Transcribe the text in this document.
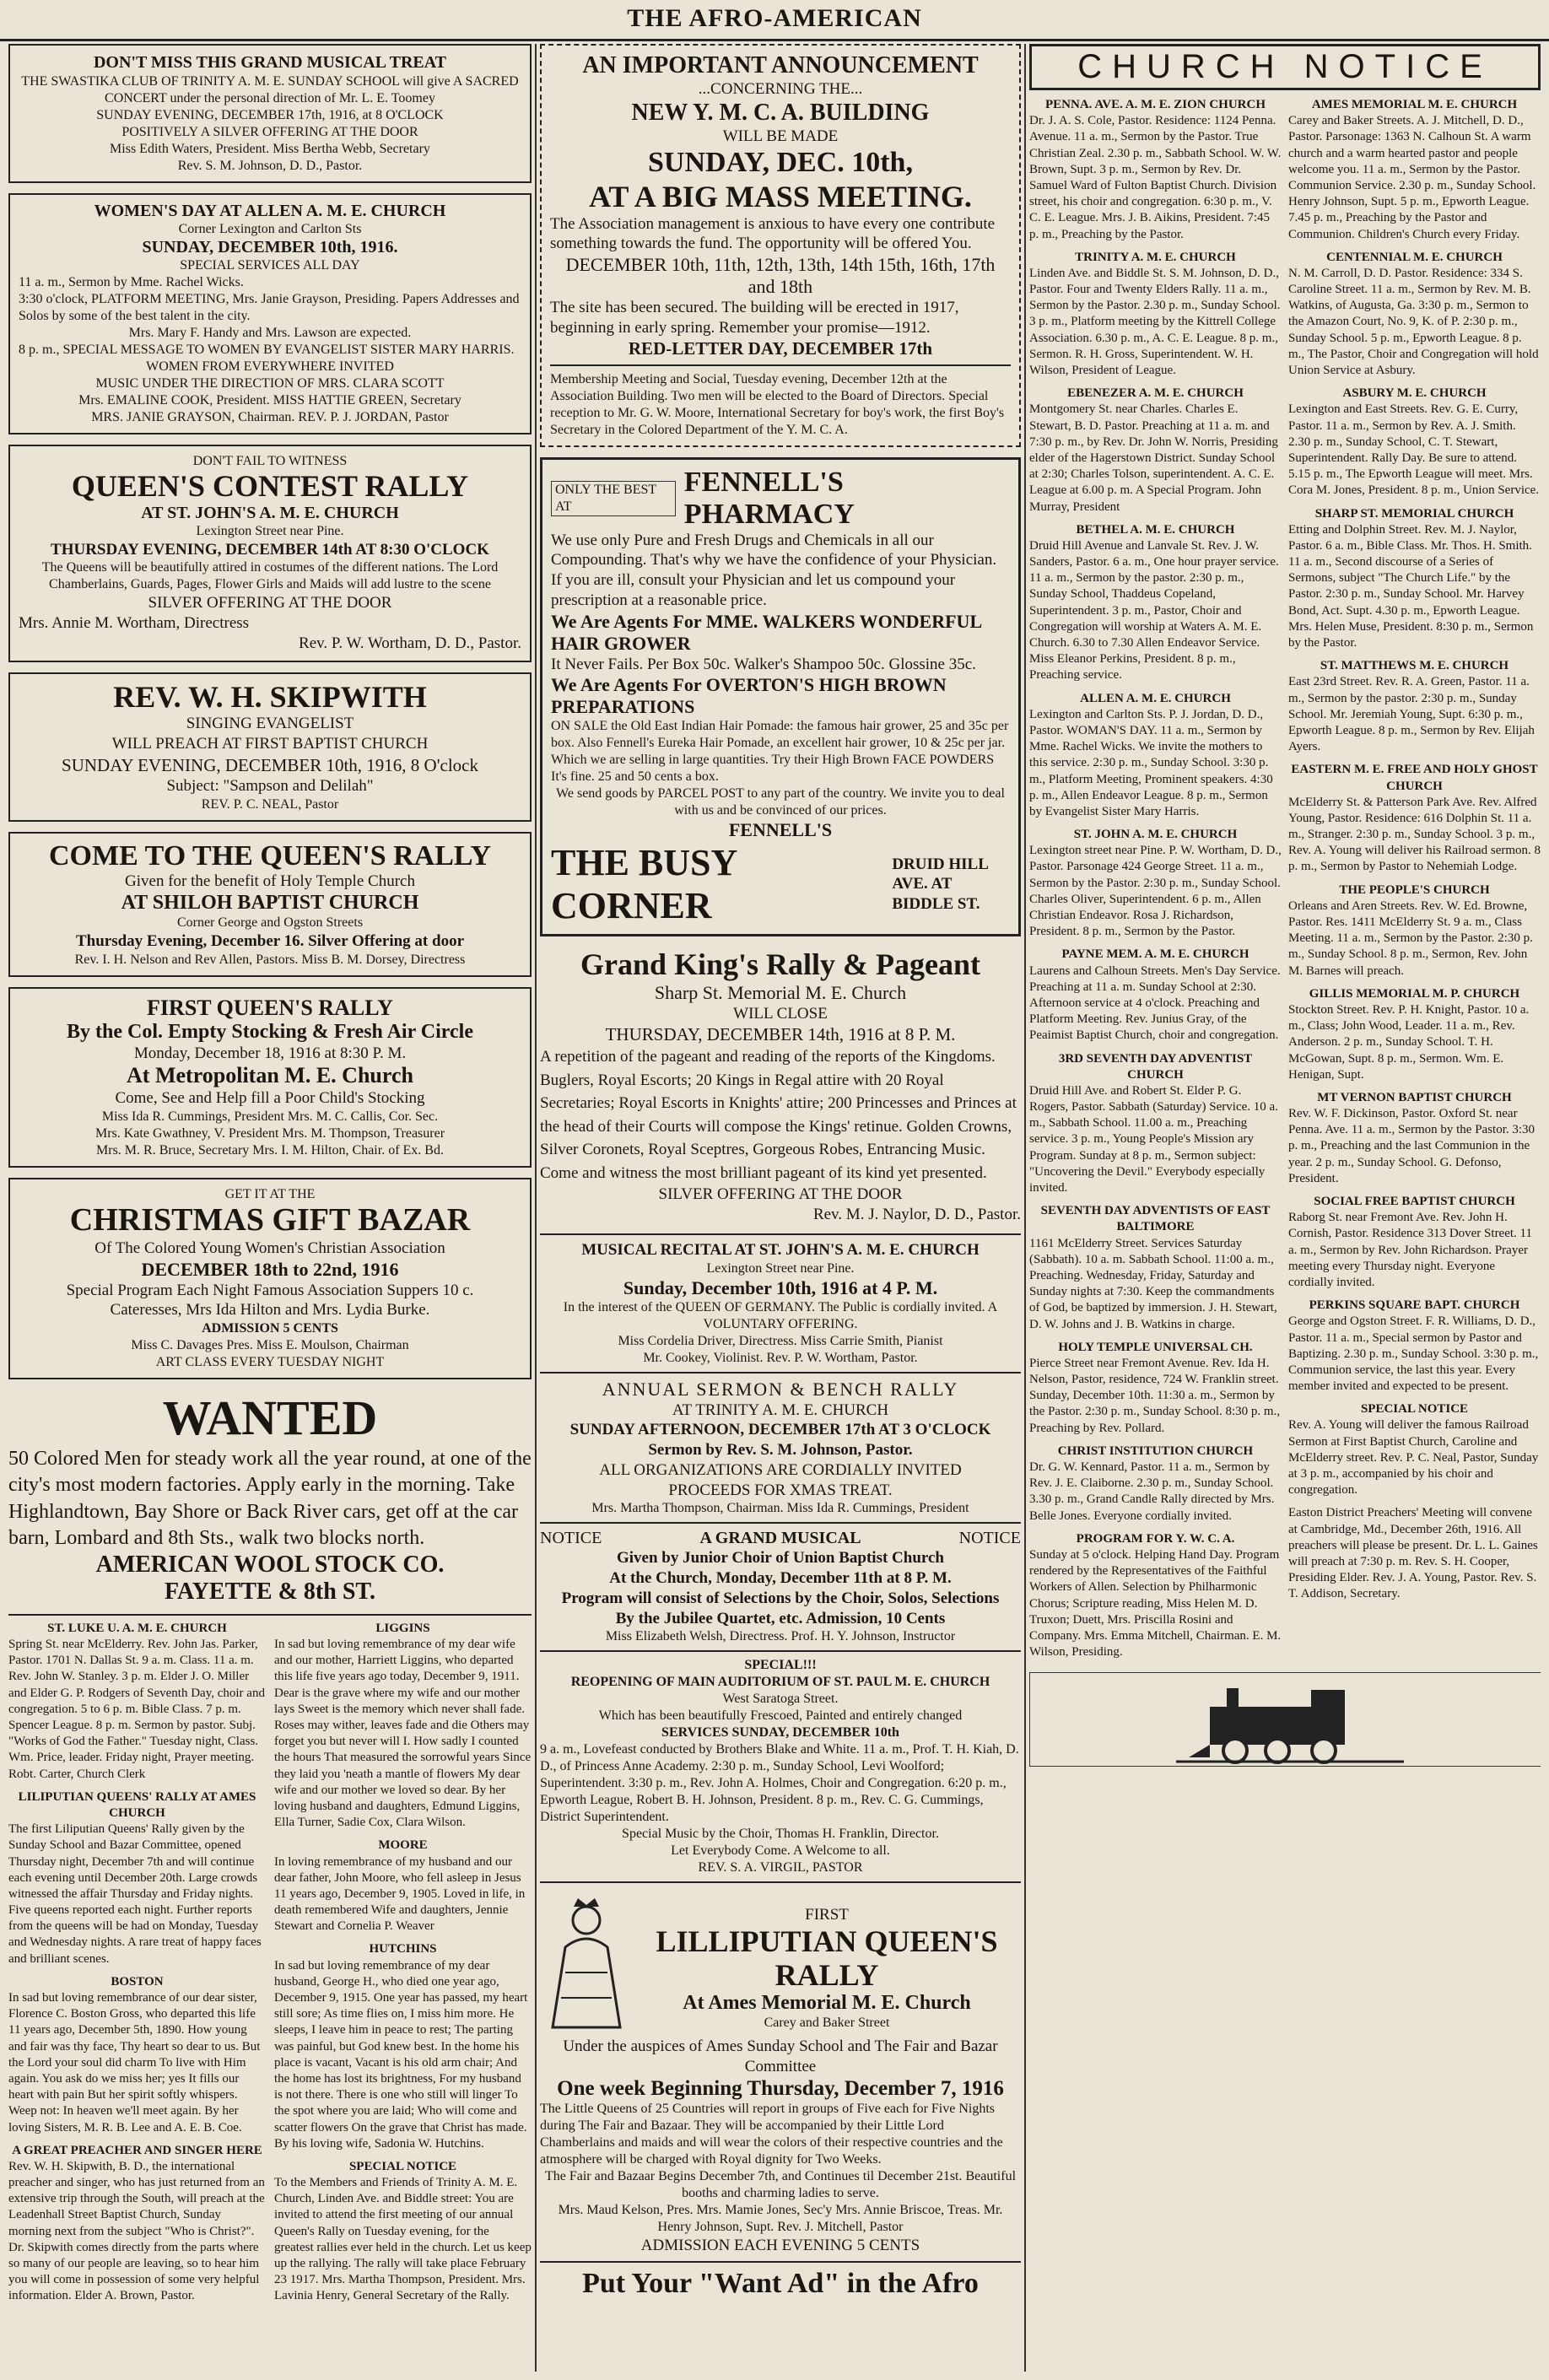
THE AFRO-AMERICAN
DON'T MISS THIS GRAND MUSICAL TREAT
THE SWASTIKA CLUB OF TRINITY A. M. E. SUNDAY SCHOOL will give A SACRED CONCERT under the personal direction of Mr. L. E. Toomey
SUNDAY EVENING, DECEMBER 17th, 1916, at 8 O'CLOCK
POSITIVELY A SILVER OFFERING AT THE DOOR
Miss Edith Waters, President. Miss Bertha Webb, Secretary
Rev. S. M. Johnson, D. D., Pastor.
WOMEN'S DAY AT ALLEN A. M. E. CHURCH
Corner Lexington and Carlton Sts
SUNDAY, DECEMBER 10th, 1916.
SPECIAL SERVICES ALL DAY
11 a. m., Sermon by Mme. Rachel Wicks.
3:30 o'clock, PLATFORM MEETING, Mrs. Janie Grayson, Presiding. Papers Addresses and Solos by some of the best talent in the city.
Mrs. Mary F. Handy and Mrs. Lawson are expected.
8 p. m., SPECIAL MESSAGE TO WOMEN BY EVANGELIST SISTER MARY HARRIS.
WOMEN FROM EVERYWHERE INVITED
MUSIC UNDER THE DIRECTION OF MRS. CLARA SCOTT
Mrs. EMALINE COOK, President. MISS HATTIE GREEN, Secretary
MRS. JANIE GRAYSON, Chairman. REV. P. J. JORDAN, Pastor
DON'T FAIL TO WITNESS
QUEEN'S CONTEST RALLY
AT ST. JOHN'S A. M. E. CHURCH
Lexington Street near Pine.
THURSDAY EVENING, DECEMBER 14th AT 8:30 O'CLOCK
The Queens will be beautifully attired in costumes of the different nations. The Lord Chamberlains, Guards, Pages, Flower Girls and Maids will add lustre to the scene
SILVER OFFERING AT THE DOOR
Mrs. Annie M. Wortham, Directress
Rev. P. W. Wortham, D. D., Pastor.
REV. W. H. SKIPWITH
SINGING EVANGELIST
WILL PREACH AT FIRST BAPTIST CHURCH
SUNDAY EVENING, DECEMBER 10th, 1916, 8 O'clock
Subject: "Sampson and Delilah"
REV. P. C. NEAL, Pastor
COME TO THE QUEEN'S RALLY
Given for the benefit of Holy Temple Church
AT SHILOH BAPTIST CHURCH
Corner George and Ogston Streets
Thursday Evening, December 16. Silver Offering at door
Rev. I. H. Nelson and Rev Allen, Pastors. Miss B. M. Dorsey, Directress
FIRST QUEEN'S RALLY
By the Col. Empty Stocking & Fresh Air Circle
Monday, December 18, 1916 at 8:30 P. M.
At Metropolitan M. E. Church
Come, See and Help fill a Poor Child's Stocking
Miss Ida R. Cummings, President Mrs. M. C. Callis, Cor. Sec.
Mrs. Kate Gwathney, V. President Mrs. M. Thompson, Treasurer
Mrs. M. R. Bruce, Secretary Mrs. I. M. Hilton, Chair. of Ex. Bd.
GET IT AT THE
CHRISTMAS GIFT BAZAR
Of The Colored Young Women's Christian Association
DECEMBER 18th to 22nd, 1916
Special Program Each Night Famous Association Suppers 10 c.
Cateresses, Mrs Ida Hilton and Mrs. Lydia Burke.
ADMISSION 5 CENTS
Miss C. Davages Pres. Miss E. Moulson, Chairman
ART CLASS EVERY TUESDAY NIGHT
WANTED
50 Colored Men for steady work all the year round, at one of the city's most modern factories. Apply early in the morning. Take Highlandtown, Bay Shore or Back River cars, get off at the car barn, Lombard and 8th Sts., walk two blocks north.
AMERICAN WOOL STOCK CO.
FAYETTE & 8th ST.
ST. LUKE U. A. M. E. CHURCH
Spring St. near McElderry. Rev. John Jas. Parker, Pastor. 1701 N. Dallas St. 9 a. m. Class. 11 a. m. Rev. John W. Stanley. 3 p. m. Elder J. O. Miller and Elder G. P. Rodgers of Seventh Day, choir and congregation. 5 to 6 p. m. Bible Class. 7 p. m. Spencer League. 8 p. m. Sermon by pastor. Subj. "Works of God the Father." Tuesday night, Class. Wm. Price, leader. Friday night, Prayer meeting. Robt. Carter, Church Clerk
LILIPUTIAN QUEENS' RALLY AT AMES CHURCH
The first Liliputian Queens' Rally given by the Sunday School and Bazar Committee, opened Thursday night, December 7th and will continue each evening until December 20th. Large crowds witnessed the affair Thursday and Friday nights. Five queens reported each night. Further reports from the queens will be had on Monday, Tuesday and Wednesday nights. A rare treat of happy faces and brilliant scenes.
BOSTON
In sad but loving remembrance of our dear sister, Florence C. Boston Gross, who departed this life 11 years ago, December 5th, 1890. How young and fair was thy face, Thy heart so dear to us. But the Lord your soul did charm To live with Him again. You ask do we miss her; yes It fills our heart with pain But her spirit softly whispers. Weep not: In heaven we'll meet again. By her loving Sisters, M. R. B. Lee and A. E. B. Coe.
A GREAT PREACHER AND SINGER HERE
Rev. W. H. Skipwith, B. D., the international preacher and singer, who has just returned from an extensive trip through the South, will preach at the Leadenhall Street Baptist Church, Sunday morning next from the subject "Who is Christ?". Dr. Skipwith comes directly from the parts where so many of our people are leaving, so to hear him you will come in possession of some very helpful information. Elder A. Brown, Pastor.
LIGGINS
In sad but loving remembrance of my dear wife and our mother, Harriett Liggins, who departed this life five years ago today, December 9, 1911. Dear is the grave where my wife and our mother lays Sweet is the memory which never shall fade. Roses may wither, leaves fade and die Others may forget you but never will I. How sadly I counted the hours That measured the sorrowful years Since they laid you 'neath a mantle of flowers My dear wife and our mother we loved so dear. By her loving husband and daughters, Edmund Liggins, Ella Turner, Sadie Cox, Clara Wilson.
MOORE
In loving remembrance of my husband and our dear father, John Moore, who fell asleep in Jesus 11 years ago, December 9, 1905. Loved in life, in death remembered Wife and daughters, Jennie Stewart and Cornelia P. Weaver
HUTCHINS
In sad but loving remembrance of my dear husband, George H., who died one year ago, December 9, 1915. One year has passed, my heart still sore; As time flies on, I miss him more. He sleeps, I leave him in peace to rest; The parting was painful, but God knew best. In the home his place is vacant, Vacant is his old arm chair; And the home has lost its brightness, For my husband is not there. There is one who still will linger To the spot where you are laid; Who will come and scatter flowers On the grave that Christ has made. By his loving wife, Sadonia W. Hutchins.
SPECIAL NOTICE
To the Members and Friends of Trinity A. M. E. Church, Linden Ave. and Biddle street: You are invited to attend the first meeting of our annual Queen's Rally on Tuesday evening, for the greatest rallies ever held in the church. Let us keep up the rallying. The rally will take place February 23 1917. Mrs. Martha Thompson, President. Mrs. Lavinia Henry, General Secretary of the Rally.
AN IMPORTANT ANNOUNCEMENT
...CONCERNING THE...
NEW Y. M. C. A. BUILDING
WILL BE MADE
SUNDAY, DEC. 10th,
AT A BIG MASS MEETING.
The Association management is anxious to have every one contribute something towards the fund. The opportunity will be offered You.
DECEMBER 10th, 11th, 12th, 13th, 14th 15th, 16th, 17th and 18th
The site has been secured. The building will be erected in 1917, beginning in early spring. Remember your promise—1912.
RED-LETTER DAY, DECEMBER 17th
Membership Meeting and Social, Tuesday evening, December 12th at the Association Building. Two men will be elected to the Board of Directors. Special reception to Mr. G. W. Moore, International Secretary for boy's work, the first Boy's Secretary in the Colored Department of the Y. M. C. A.
ONLY THE BEST AT
FENNELL'S PHARMACY
We use only Pure and Fresh Drugs and Chemicals in all our Compounding. That's why we have the confidence of your Physician. If you are ill, consult your Physician and let us compound your prescription at a reasonable price.
We Are Agents For MME. WALKERS WONDERFUL HAIR GROWER
It Never Fails. Per Box 50c. Walker's Shampoo 50c. Glossine 35c.
We Are Agents For OVERTON'S HIGH BROWN PREPARATIONS
ON SALE the Old East Indian Hair Pomade: the famous hair grower, 25 and 35c per box. Also Fennell's Eureka Hair Pomade, an excellent hair grower, 10 & 25c per jar. Which we are selling in large quantities. Try their High Brown FACE POWDERS It's fine. 25 and 50 cents a box.
We send goods by PARCEL POST to any part of the country. We invite you to deal with us and be convinced of our prices.
FENNELL'S
THE BUSY CORNER
DRUID HILL AVE. AT BIDDLE ST.
Grand King's Rally & Pageant
Sharp St. Memorial M. E. Church
WILL CLOSE
THURSDAY, DECEMBER 14th, 1916 at 8 P. M.
A repetition of the pageant and reading of the reports of the Kingdoms. Buglers, Royal Escorts; 20 Kings in Regal attire with 20 Royal Secretaries; Royal Escorts in Knights' attire; 200 Princesses and Princes at the head of their Courts will compose the Kings' retinue. Golden Crowns, Silver Coronets, Royal Sceptres, Gorgeous Robes, Entrancing Music. Come and witness the most brilliant pageant of its kind yet presented.
SILVER OFFERING AT THE DOOR
Rev. M. J. Naylor, D. D., Pastor.
MUSICAL RECITAL AT ST. JOHN'S A. M. E. CHURCH
Lexington Street near Pine.
Sunday, December 10th, 1916 at 4 P. M.
In the interest of the QUEEN OF GERMANY. The Public is cordially invited. A VOLUNTARY OFFERING.
Miss Cordelia Driver, Directress. Miss Carrie Smith, Pianist
Mr. Cookey, Violinist. Rev. P. W. Wortham, Pastor.
ANNUAL SERMON & BENCH RALLY
AT TRINITY A. M. E. CHURCH
SUNDAY AFTERNOON, DECEMBER 17th AT 3 O'CLOCK
Sermon by Rev. S. M. Johnson, Pastor.
ALL ORGANIZATIONS ARE CORDIALLY INVITED
PROCEEDS FOR XMAS TREAT.
Mrs. Martha Thompson, Chairman. Miss Ida R. Cummings, President
NOTICE	A GRAND MUSICAL	NOTICE
Given by Junior Choir of Union Baptist Church
At the Church, Monday, December 11th at 8 P. M.
Program will consist of Selections by the Choir, Solos, Selections
By the Jubilee Quartet, etc. Admission, 10 Cents
Miss Elizabeth Welsh, Directress. Prof. H. Y. Johnson, Instructor
SPECIAL!!!
REOPENING OF MAIN AUDITORIUM OF ST. PAUL M. E. CHURCH
West Saratoga Street.
Which has been beautifully Frescoed, Painted and entirely changed
SERVICES SUNDAY, DECEMBER 10th
9 a. m., Lovefeast conducted by Brothers Blake and White. 11 a. m., Prof. T. H. Kiah, D. D., of Princess Anne Academy. 2:30 p. m., Sunday School, Levi Woolford; Superintendent. 3:30 p. m., Rev. John A. Holmes, Choir and Congregation. 6:20 p. m., Epworth League, Robert B. H. Johnson, President. 8 p. m., Rev. C. G. Cummings, District Superintendent.
Special Music by the Choir, Thomas H. Franklin, Director.
Let Everybody Come. A Welcome to all.
REV. S. A. VIRGIL, PASTOR
FIRST
LILLIPUTIAN QUEEN'S RALLY
At Ames Memorial M. E. Church
Carey and Baker Street
Under the auspices of Ames Sunday School and The Fair and Bazar Committee
One week Beginning Thursday, December 7, 1916
The Little Queens of 25 Countries will report in groups of Five each for Five Nights during The Fair and Bazaar. They will be accompanied by their Little Lord Chamberlains and maids and will wear the colors of their respective countries and the atmosphere will be charged with Royal dignity for Two Weeks.
The Fair and Bazaar Begins December 7th, and Continues til December 21st. Beautiful booths and charming ladies to serve.
Mrs. Maud Kelson, Pres. Mrs. Mamie Jones, Sec'y Mrs. Annie Briscoe, Treas. Mr. Henry Johnson, Supt. Rev. J. Mitchell, Pastor
ADMISSION EACH EVENING 5 CENTS
Put Your "Want Ad" in the Afro
CHURCH NOTICE
PENNA. AVE. A. M. E. ZION CHURCH
Dr. J. A. S. Cole, Pastor. Residence: 1124 Penna. Avenue. 11 a. m., Sermon by the Pastor. True Christian Zeal. 2.30 p. m., Sabbath School. W. W. Brown, Supt. 3 p. m., Sermon by Rev. Dr. Samuel Ward of Fulton Baptist Church. Division street, his choir and congregation. 6:30 p. m., V. C. E. League. Mrs. J. B. Aikins, President. 7:45 p. m., Preaching by the Pastor.
TRINITY A. M. E. CHURCH
Linden Ave. and Biddle St. S. M. Johnson, D. D., Pastor. Four and Twenty Elders Rally. 11 a. m., Sermon by the Pastor. 2.30 p. m., Sunday School. 3 p. m., Platform meeting by the Kittrell College Association. 6.30 p. m., A. C. E. League. 8 p. m., Sermon. R. H. Gross, Superintendent. W. H. Wilson, President of League.
EBENEZER A. M. E. CHURCH
Montgomery St. near Charles. Charles E. Stewart, B. D. Pastor. Preaching at 11 a. m. and 7:30 p. m., by Rev. Dr. John W. Norris, Presiding elder of the Hagerstown District. Sunday School at 2:30; Charles Tolson, superintendent. A. C. E. League at 6.00 p. m. A Special Program. John Murray, President
BETHEL A. M. E. CHURCH
Druid Hill Avenue and Lanvale St. Rev. J. W. Sanders, Pastor. 6 a. m., One hour prayer service. 11 a. m., Sermon by the pastor. 2:30 p. m., Sunday School, Thaddeus Copeland, Superintendent. 3 p. m., Pastor, Choir and Congregation will worship at Waters A. M. E. Church. 6.30 to 7.30 Allen Endeavor Service. Miss Eleanor Perkins, President. 8 p. m., Preaching service.
ALLEN A. M. E. CHURCH
Lexington and Carlton Sts. P. J. Jordan, D. D., Pastor. WOMAN'S DAY. 11 a. m., Sermon by Mme. Rachel Wicks. We invite the mothers to this service. 2:30 p. m., Sunday School. 3:30 p. m., Platform Meeting, Prominent speakers. 4:30 p. m., Allen Endeavor League. 8 p. m., Sermon by Evangelist Sister Mary Harris.
ST. JOHN A. M. E. CHURCH
Lexington street near Pine. P. W. Wortham, D. D., Pastor. Parsonage 424 George Street. 11 a. m., Sermon by the Pastor. 2:30 p. m., Sunday School. Charles Oliver, Superintendent. 6 p. m., Allen Christian Endeavor. Rosa J. Richardson, President. 8 p. m., Sermon by the Pastor.
PAYNE MEM. A. M. E. CHURCH
Laurens and Calhoun Streets. Men's Day Service. Preaching at 11 a. m. Sunday School at 2:30. Afternoon service at 4 o'clock. Preaching and Platform Meeting. Rev. Junius Gray, of the Peaimist Baptist Church, choir and congregation.
3RD SEVENTH DAY ADVENTIST CHURCH
Druid Hill Ave. and Robert St. Elder P. G. Rogers, Pastor. Sabbath (Saturday) Service. 10 a. m., Sabbath School. 11.00 a. m., Preaching service. 3 p. m., Young People's Mission ary Program. Sunday at 8 p. m., Sermon subject: "Uncovering the Devil." Everybody especially invited.
SEVENTH DAY ADVENTISTS OF EAST BALTIMORE
1161 McElderry Street. Services Saturday (Sabbath). 10 a. m. Sabbath School. 11:00 a. m., Preaching. Wednesday, Friday, Saturday and Sunday nights at 7:30. Keep the commandments of God, be baptized by immersion. J. H. Stewart, D. W. Johns and J. B. Watkins in charge.
HOLY TEMPLE UNIVERSAL CH.
Pierce Street near Fremont Avenue. Rev. Ida H. Nelson, Pastor, residence, 724 W. Franklin street. Sunday, December 10th. 11:30 a. m., Sermon by the Pastor. 2:30 p. m., Sunday School. 8:30 p. m., Preaching by Rev. Pollard.
CHRIST INSTITUTION CHURCH
Dr. G. W. Kennard, Pastor. 11 a. m., Sermon by Rev. J. E. Claiborne. 2.30 p. m., Sunday School. 3.30 p. m., Grand Candle Rally directed by Mrs. Belle Jones. Everyone cordially invited.
PROGRAM FOR Y. W. C. A.
Sunday at 5 o'clock. Helping Hand Day. Program rendered by the Representatives of the Faithful Workers of Allen. Selection by Philharmonic Chorus; Scripture reading, Miss Helen M. D. Truxon; Duett, Mrs. Priscilla Rosini and Company. Mrs. Emma Mitchell, Chairman. E. M. Wilson, Presiding.
AMES MEMORIAL M. E. CHURCH
Carey and Baker Streets. A. J. Mitchell, D. D., Pastor. Parsonage: 1363 N. Calhoun St. A warm church and a warm hearted pastor and people welcome you. 11 a. m., Sermon by the Pastor. Communion Service. 2.30 p. m., Sunday School. Henry Johnson, Supt. 5 p. m., Epworth League. 7.45 p. m., Preaching by the Pastor and Communion. Children's Church every Friday.
CENTENNIAL M. E. CHURCH
N. M. Carroll, D. D. Pastor. Residence: 334 S. Caroline Street. 11 a. m., Sermon by Rev. M. B. Watkins, of Augusta, Ga. 3:30 p. m., Sermon to the Amazon Court, No. 9, K. of P. 2:30 p. m., Sunday School. 5 p. m., Epworth League. 8 p. m., The Pastor, Choir and Congregation will hold Union Service at Asbury.
ASBURY M. E. CHURCH
Lexington and East Streets. Rev. G. E. Curry, Pastor. 11 a. m., Sermon by Rev. A. J. Smith. 2.30 p. m., Sunday School, C. T. Stewart, Superintendent. Rally Day. Be sure to attend. 5.15 p. m., The Epworth League will meet. Mrs. Cora M. Jones, President. 8 p. m., Union Service.
SHARP ST. MEMORIAL CHURCH
Etting and Dolphin Street. Rev. M. J. Naylor, Pastor. 6 a. m., Bible Class. Mr. Thos. H. Smith. 11 a. m., Second discourse of a Series of Sermons, subject "The Church Life." by the Pastor. 2:30 p. m., Sunday School. Mr. Harvey Bond, Act. Supt. 4.30 p. m., Epworth League. Mrs. Helen Muse, President. 8:30 p. m., Sermon by the Pastor.
ST. MATTHEWS M. E. CHURCH
East 23rd Street. Rev. R. A. Green, Pastor. 11 a. m., Sermon by the pastor. 2:30 p. m., Sunday School. Mr. Jeremiah Young, Supt. 6:30 p. m., Epworth League. 8 p. m., Sermon by Rev. Elijah Ayers.
EASTERN M. E. FREE AND HOLY GHOST CHURCH
McElderry St. & Patterson Park Ave. Rev. Alfred Young, Pastor. Residence: 616 Dolphin St. 11 a. m., Stranger. 2:30 p. m., Sunday School. 3 p. m., Rev. A. Young will deliver his Railroad sermon. 8 p. m., Sermon by Pastor to Nehemiah Lodge.
THE PEOPLE'S CHURCH
Orleans and Aren Streets. Rev. W. Ed. Browne, Pastor. Res. 1411 McElderry St. 9 a. m., Class Meeting. 11 a. m., Sermon by the Pastor. 2:30 p. m., Sunday School. 8 p. m., Sermon, Rev. John M. Barnes will preach.
GILLIS MEMORIAL M. P. CHURCH
Stockton Street. Rev. P. H. Knight, Pastor. 10 a. m., Class; John Wood, Leader. 11 a. m., Rev. Anderson. 2 p. m., Sunday School. T. H. McGowan, Supt. 8 p. m., Sermon. Wm. E. Henigan, Supt.
MT VERNON BAPTIST CHURCH
Rev. W. F. Dickinson, Pastor. Oxford St. near Penna. Ave. 11 a. m., Sermon by the Pastor. 3:30 p. m., Preaching and the last Communion in the year. 2 p. m., Sunday School. G. Defonso, President.
SOCIAL FREE BAPTIST CHURCH
Raborg St. near Fremont Ave. Rev. John H. Cornish, Pastor. Residence 313 Dover Street. 11 a. m., Sermon by Rev. John Richardson. Prayer meeting every Thursday night. Everyone cordially invited.
PERKINS SQUARE BAPT. CHURCH
George and Ogston Street. F. R. Williams, D. D., Pastor. 11 a. m., Special sermon by Pastor and Baptizing. 2.30 p. m., Sunday School. 3:30 p. m., Communion service, the last this year. Every member invited and expected to be present.
SPECIAL NOTICE
Rev. A. Young will deliver the famous Railroad Sermon at First Baptist Church, Caroline and McElderry street. Rev. P. C. Neal, Pastor, Sunday at 3 p. m., accompanied by his choir and congregation.
Easton District Preachers' Meeting will convene at Cambridge, Md., December 26th, 1916. All preachers will please be present. Dr. L. L. Gaines will preach at 7:30 p. m. Rev. S. H. Cooper, Presiding Elder. Rev. J. A. Young, Pastor. Rev. S. T. Addison, Secretary.
